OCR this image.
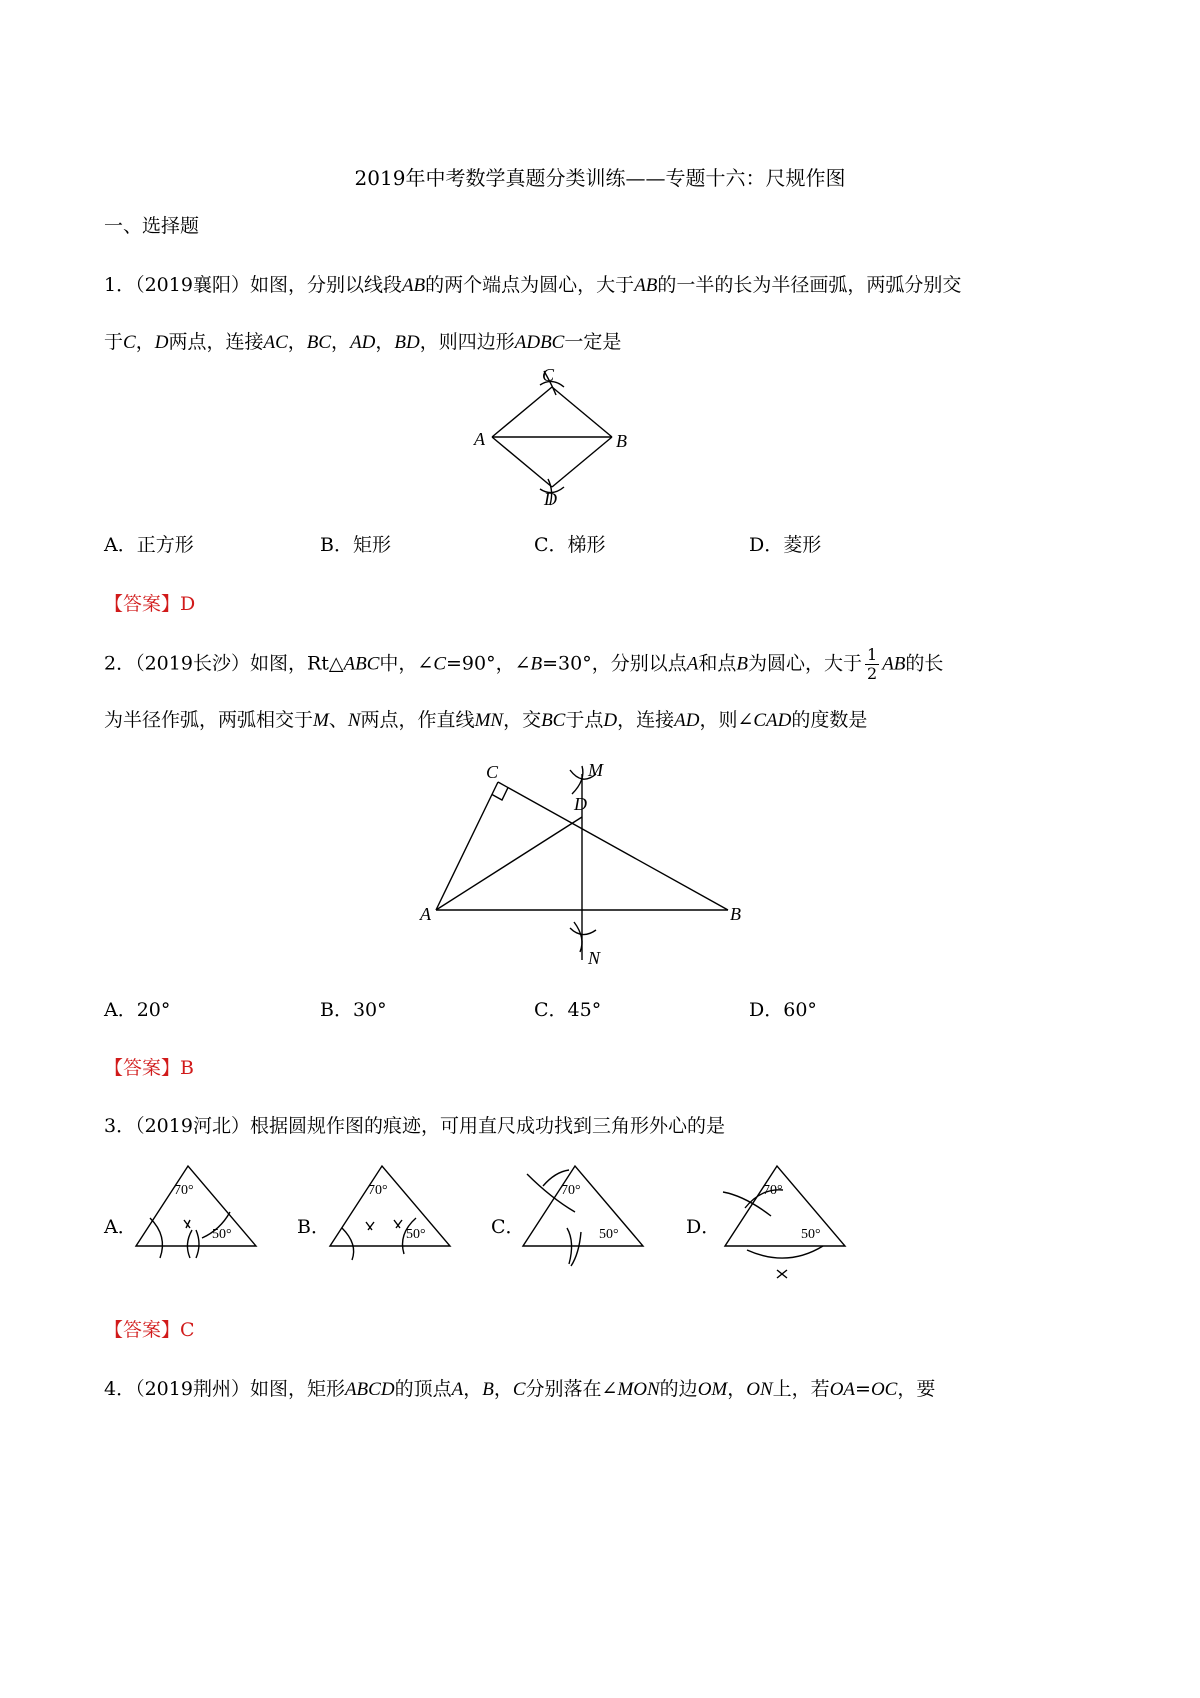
2019年中考数学真题分类训练——专题十六：尺规作图
一、选择题
1．（2019襄阳）如图，分别以线段AB的两个端点为圆心，大于AB的一半的长为半径画弧，两弧分别交
于C，D两点，连接AC，BC，AD，BD，则四边形ADBC一定是
C
A	B
D
A．正方形	B．矩形	C．梯形	D．菱形
【答案】D
2．（2019长沙）如图，Rt△ABC中，∠C=90°，∠B=30°，分别以点A和点B为圆心，大于 $\frac{1}{2}$ AB的长
为半径作弧，两弧相交于M、N两点，作直线MN，交BC于点D，连接AD，则∠CAD的度数是
C	M
D
A	B
N
A．20°	B．30°	C．45°	D．60°
【答案】B
3．（2019河北）根据圆规作图的痕迹，可用直尺成功找到三角形外心的是
A．
70°
50°	B．
70°
50°	C．
70°
50°	D．
70°
50°
【答案】C
4．（2019荆州）如图，矩形ABCD的顶点A，B，C分别落在∠MON的边OM，ON上，若OA=OC，要
